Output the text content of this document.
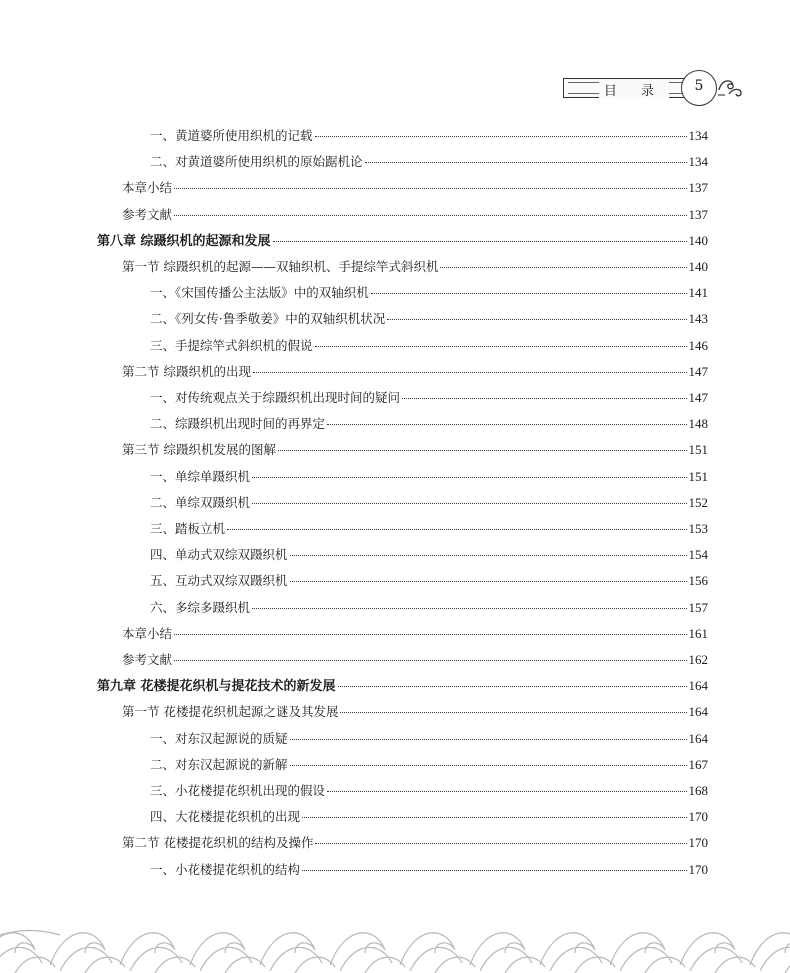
目 录	5
一、黄道婆所使用织机的记载	134
二、对黄道婆所使用织机的原始踞机论	134
本章小结	137
参考文献	137
第八章 综蹑织机的起源和发展	140
第一节 综蹑织机的起源——双轴织机、手提综竿式斜织机	140
一、《宋国传播公主法版》中的双轴织机	141
二、《列女传·鲁季敬姜》中的双轴织机状况	143
三、手提综竿式斜织机的假说	146
第二节 综蹑织机的出现	147
一、对传统观点关于综蹑织机出现时间的疑问	147
二、综蹑织机出现时间的再界定	148
第三节 综蹑织机发展的图解	151
一、单综单蹑织机	151
二、单综双蹑织机	152
三、踏板立机	153
四、单动式双综双蹑织机	154
五、互动式双综双蹑织机	156
六、多综多蹑织机	157
本章小结	161
参考文献	162
第九章 花楼提花织机与提花技术的新发展	164
第一节 花楼提花织机起源之谜及其发展	164
一、对东汉起源说的质疑	164
二、对东汉起源说的新解	167
三、小花楼提花织机出现的假设	168
四、大花楼提花织机的出现	170
第二节 花楼提花织机的结构及操作	170
一、小花楼提花织机的结构	170
